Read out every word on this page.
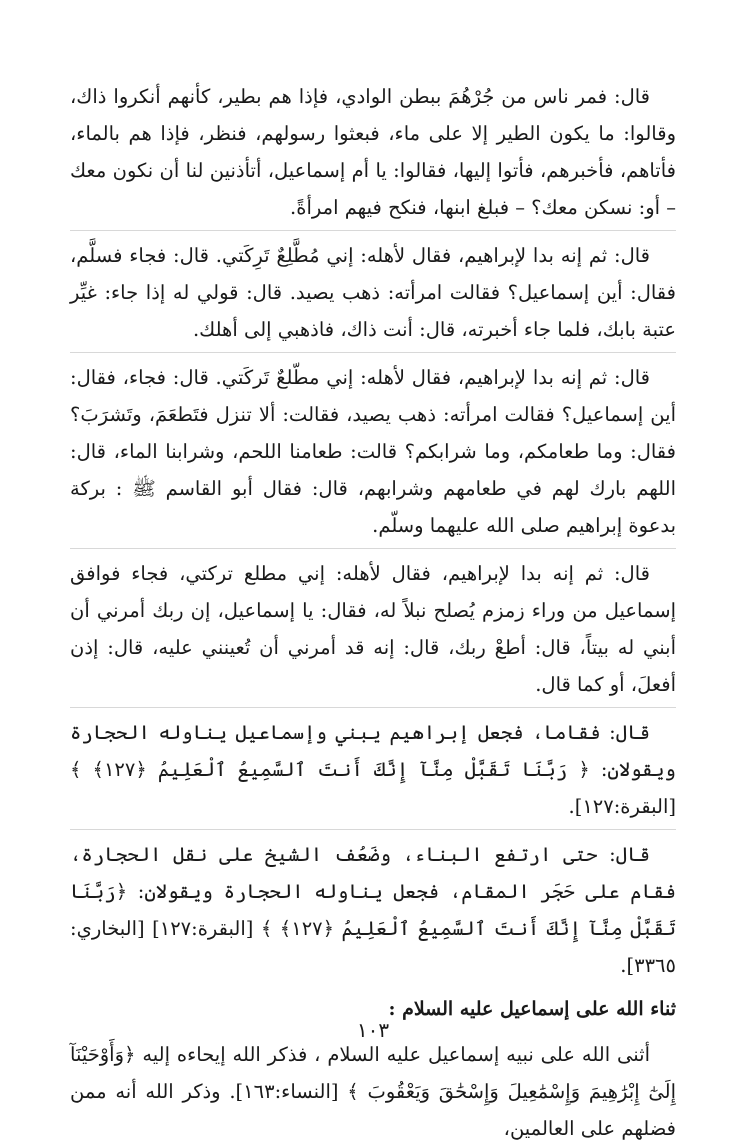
قال: فمر ناس من جُرْهُمَ ببطن الوادي، فإذا هم بطير، كأنهم أنكروا ذاك، وقالوا: ما يكون الطير إلا على ماء، فبعثوا رسولهم، فنظر، فإذا هم بالماء، فأتاهم، فأخبرهم، فأتوا إليها، فقالوا: يا أم إسماعيل، أتأذنين لنا أن نكون معك – أو: نسكن معك؟ – فبلغ ابنها، فنكح فيهم امرأةً.

قال: ثم إنه بدا لإبراهيم، فقال لأهله: إني مُطَّلِعٌ تَرِكَتي. قال: فجاء فسلَّم، فقال: أين إسماعيل؟ فقالت امرأته: ذهب يصيد. قال: قولي له إذا جاء: غيِّر عتبة بابك، فلما جاء أخبرته، قال: أنت ذاك، فاذهبي إلى أهلك.

قال: ثم إنه بدا لإبراهيم، فقال لأهله: إني مطّلعٌ تَركَتي. قال: فجاء، فقال: أين إسماعيل؟ فقالت امرأته: ذهب يصيد، فقالت: ألا تنزل فتَطعَمَ، وتَشرَبَ؟ فقال: وما طعامكم، وما شرابكم؟ قالت: طعامنا اللحم، وشرابنا الماء، قال: اللهم بارك لهم في طعامهم وشرابهم، قال: فقال أبو القاسم ﷺ : بركة بدعوة إبراهيم صلى الله عليهما وسلّم.

قال: ثم إنه بدا لإبراهيم، فقال لأهله: إني مطلع تركتي، فجاء فوافق إسماعيل من وراء زمزم يُصلح نبلاً له، فقال: يا إسماعيل، إن ربك أمرني أن أبني له بيتاً، قال: أطعْ ربك، قال: إنه قد أمرني أن تُعينني عليه، قال: إذن أفعلَ، أو كما قال.

قال: فقاما، فجعل إبراهيم يبني وإسماعيل يناوله الحجارة ويقولان: ﴿ رَبَّنَا تَقَبَّلْ مِنَّآ إِنَّكَ أَنتَ ٱلسَّمِيعُ ٱلْعَلِيمُ ﴿١٢٧﴾ ﴾ [البقرة:١٢٧].

قال: حتى ارتفع البناء، وضَعُف الشيخ على نقل الحجارة، فقام على حَجَر المقام، فجعل يناوله الحجارة ويقولان: ﴿رَبَّنَا تَقَبَّلْ مِنَّآ إِنَّكَ أَنتَ ٱلسَّمِيعُ ٱلْعَلِيمُ ﴿١٢٧﴾ ﴾ [البقرة:١٢٧] [البخاري: ٣٣٦٥].

ثناء الله على إسماعيل عليه السلام :

أثنى الله على نبيه إسماعيل عليه السلام ، فذكر الله إيحاءه إليه ﴿وَأَوْحَيْنَآ إِلَىٰٓ إِبْرَٰهِيمَ وَإِسْمَٰعِيلَ وَإِسْحَٰقَ وَيَعْقُوبَ ﴾ [النساء:١٦٣]. وذكر الله أنه ممن فضلهم على العالمين،

١٠٣
